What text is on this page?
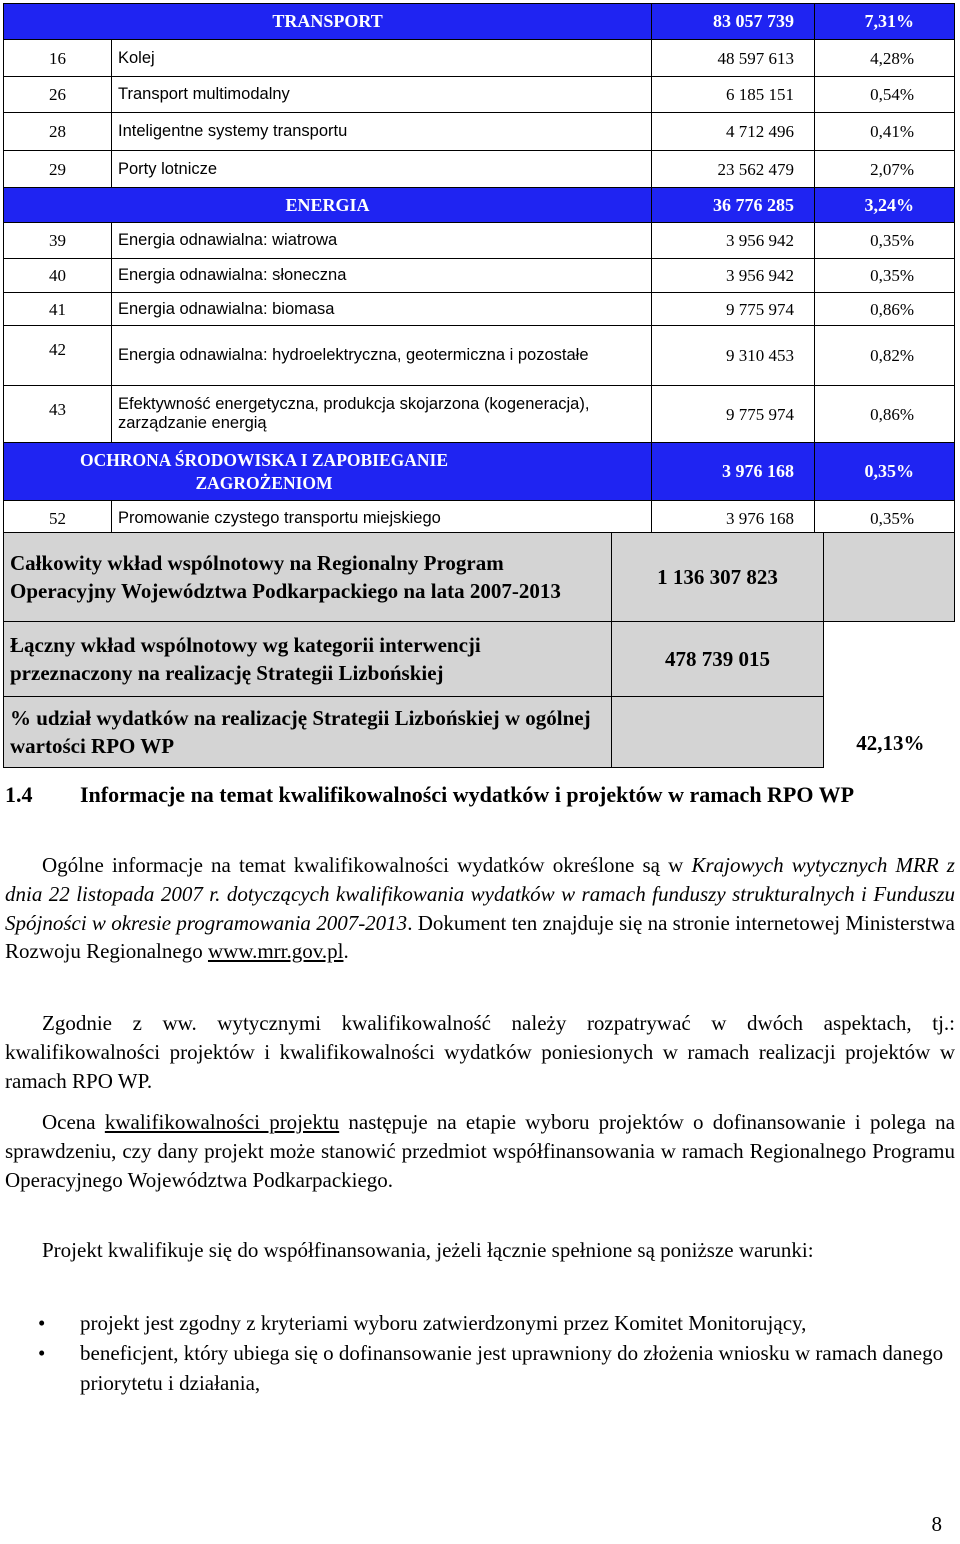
TRANSPORT		83 057 739	7,31%
16	Kolej	48 597 613	4,28%
26	Transport multimodalny	6 185 151	0,54%
28	Inteligentne systemy transportu	4 712 496	0,41%
29	Porty lotnicze	23 562 479	2,07%
ENERGIA		36 776 285	3,24%
39	Energia odnawialna: wiatrowa	3 956 942	0,35%
40	Energia odnawialna: słoneczna	3 956 942	0,35%
41	Energia odnawialna: biomasa	9 775 974	0,86%
42	Energia odnawialna: hydroelektryczna, geotermiczna i pozostałe	9 310 453	0,82%
43	Efektywność energetyczna, produkcja skojarzona (kogeneracja), zarządzanie energią	9 775 974	0,86%

OCHRONA ŚRODOWISKA I ZAPOBIEGANIE ZAGROŻENIOM		3 976 168	0,35%
52	Promowanie czystego transportu miejskiego	3 976 168	0,35%
Całkowity wkład wspólnotowy na Regionalny Program Operacyjny Województwa Podkarpackiego na lata 2007-2013	1 136 307 823	
Łączny wkład wspólnotowy wg kategorii interwencji przeznaczony na realizację Strategii Lizbońskiej	478 739 015	
% udział wydatków na realizację Strategii Lizbońskiej w ogólnej wartości RPO WP		42,13%
1.4 Informacje na temat kwalifikowalności wydatków i projektów w ramach RPO WP
Ogólne informacje na temat kwalifikowalności wydatków określone są w Krajowych wytycznych MRR z dnia 22 listopada 2007 r. dotyczących kwalifikowania wydatków w ramach funduszy strukturalnych i Funduszu Spójności w okresie programowania 2007-2013. Dokument ten znajduje się na stronie internetowej Ministerstwa Rozwoju Regionalnego www.mrr.gov.pl.
Zgodnie z ww. wytycznymi kwalifikowalność należy rozpatrywać w dwóch aspektach, tj.: kwalifikowalności projektów i kwalifikowalności wydatków poniesionych w ramach realizacji projektów w ramach RPO WP.
Ocena kwalifikowalności projektu następuje na etapie wyboru projektów o dofinansowanie i polega na sprawdzeniu, czy dany projekt może stanowić przedmiot współfinansowania w ramach Regionalnego Programu Operacyjnego Województwa Podkarpackiego.
Projekt kwalifikuje się do współfinansowania, jeżeli łącznie spełnione są poniższe warunki:
• projekt jest zgodny z kryteriami wyboru zatwierdzonymi przez Komitet Monitorujący,
• beneficjent, który ubiega się o dofinansowanie jest uprawniony do złożenia wniosku w ramach danego priorytetu i działania,
8
